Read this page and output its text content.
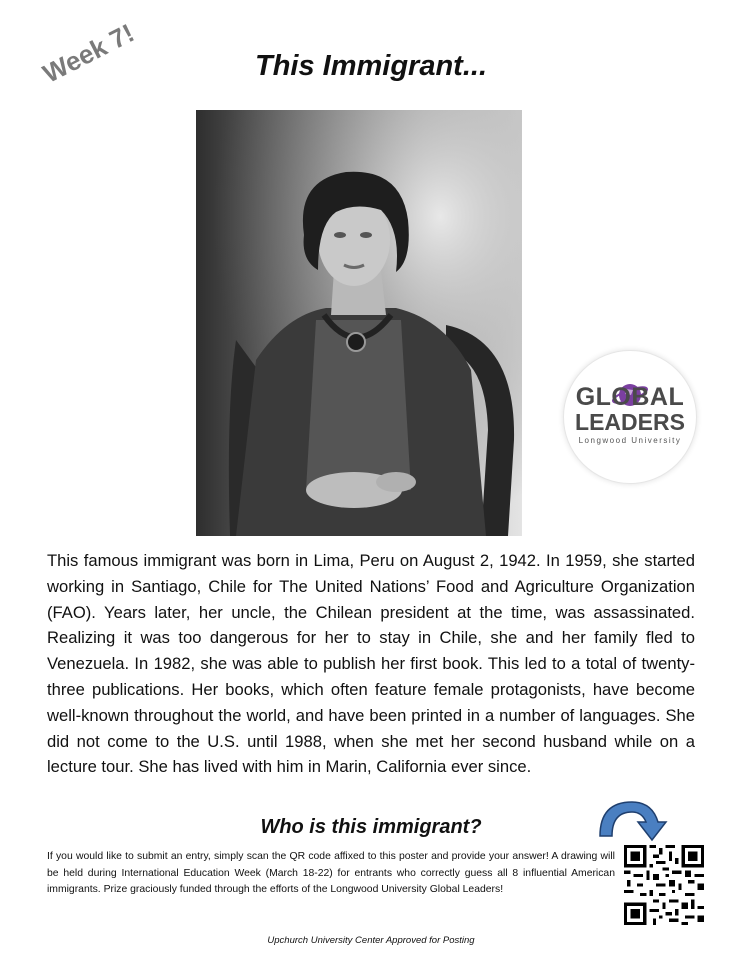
Week 7!	This Immigrant...
GLOBAL
LEADERS
Longwood University
This famous immigrant was born in Lima, Peru on August 2, 1942. In 1959, she started working in Santiago, Chile for The United Nations’ Food and Agriculture Organization (FAO). Years later, her uncle, the Chilean president at the time, was assassinated. Realizing it was too dangerous for her to stay in Chile, she and her family fled to Venezuela. In 1982, she was able to publish her first book. This led to a total of twenty-three publications. Her books, which often feature female protagonists, have become well-known throughout the world, and have been printed in a number of languages. She did not come to the U.S. until 1988, when she met her second husband while on a lecture tour. She has lived with him in Marin, California ever since.
Who is this immigrant?
If you would like to submit an entry, simply scan the QR code affixed to this poster and provide your answer! A drawing will be held during International Education Week (March 18-22) for entrants who correctly guess all 8 influential American immigrants. Prize graciously funded through the efforts of the Longwood University Global Leaders!
Upchurch University Center Approved for Posting
